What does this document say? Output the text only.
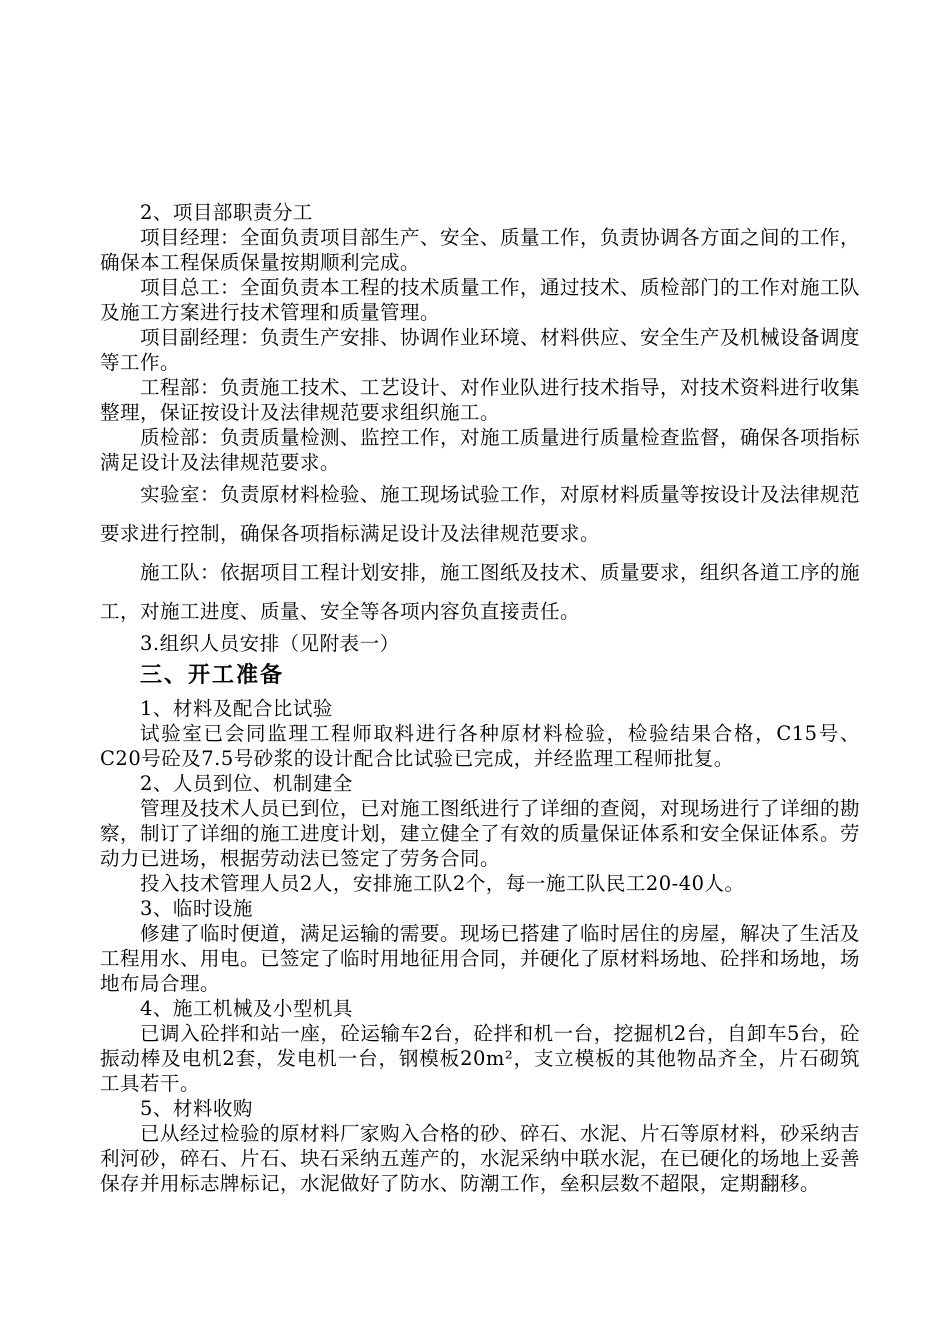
2、项目部职责分工

项目经理：全面负责项目部生产、安全、质量工作，负责协调各方面之间的工作，确保本工程保质保量按期顺利完成。

项目总工：全面负责本工程的技术质量工作，通过技术、质检部门的工作对施工队及施工方案进行技术管理和质量管理。

项目副经理：负责生产安排、协调作业环境、材料供应、安全生产及机械设备调度等工作。

工程部：负责施工技术、工艺设计、对作业队进行技术指导，对技术资料进行收集整理，保证按设计及法律规范要求组织施工。

质检部：负责质量检测、监控工作，对施工质量进行质量检查监督，确保各项指标满足设计及法律规范要求。

实验室：负责原材料检验、施工现场试验工作，对原材料质量等按设计及法律规范要求进行控制，确保各项指标满足设计及法律规范要求。

施工队：依据项目工程计划安排，施工图纸及技术、质量要求，组织各道工序的施工，对施工进度、质量、安全等各项内容负直接责任。

3.组织人员安排（见附表一）

三、开工准备

1、材料及配合比试验

试验室已会同监理工程师取料进行各种原材料检验，检验结果合格，C15号、C20号砼及7.5号砂浆的设计配合比试验已完成，并经监理工程师批复。

2、人员到位、机制建全

管理及技术人员已到位，已对施工图纸进行了详细的查阅，对现场进行了详细的勘察，制订了详细的施工进度计划，建立健全了有效的质量保证体系和安全保证体系。劳动力已进场，根据劳动法已签定了劳务合同。

投入技术管理人员2人，安排施工队2个，每一施工队民工20-40人。

3、临时设施

修建了临时便道，满足运输的需要。现场已搭建了临时居住的房屋，解决了生活及工程用水、用电。已签定了临时用地征用合同，并硬化了原材料场地、砼拌和场地，场地布局合理。

4、施工机械及小型机具

已调入砼拌和站一座，砼运输车2台，砼拌和机一台，挖掘机2台，自卸车5台，砼振动棒及电机2套，发电机一台，钢模板20m²，支立模板的其他物品齐全，片石砌筑工具若干。

5、材料收购

已从经过检验的原材料厂家购入合格的砂、碎石、水泥、片石等原材料，砂采纳吉利河砂，碎石、片石、块石采纳五莲产的，水泥采纳中联水泥，在已硬化的场地上妥善保存并用标志牌标记，水泥做好了防水、防潮工作，垒积层数不超限，定期翻移。
